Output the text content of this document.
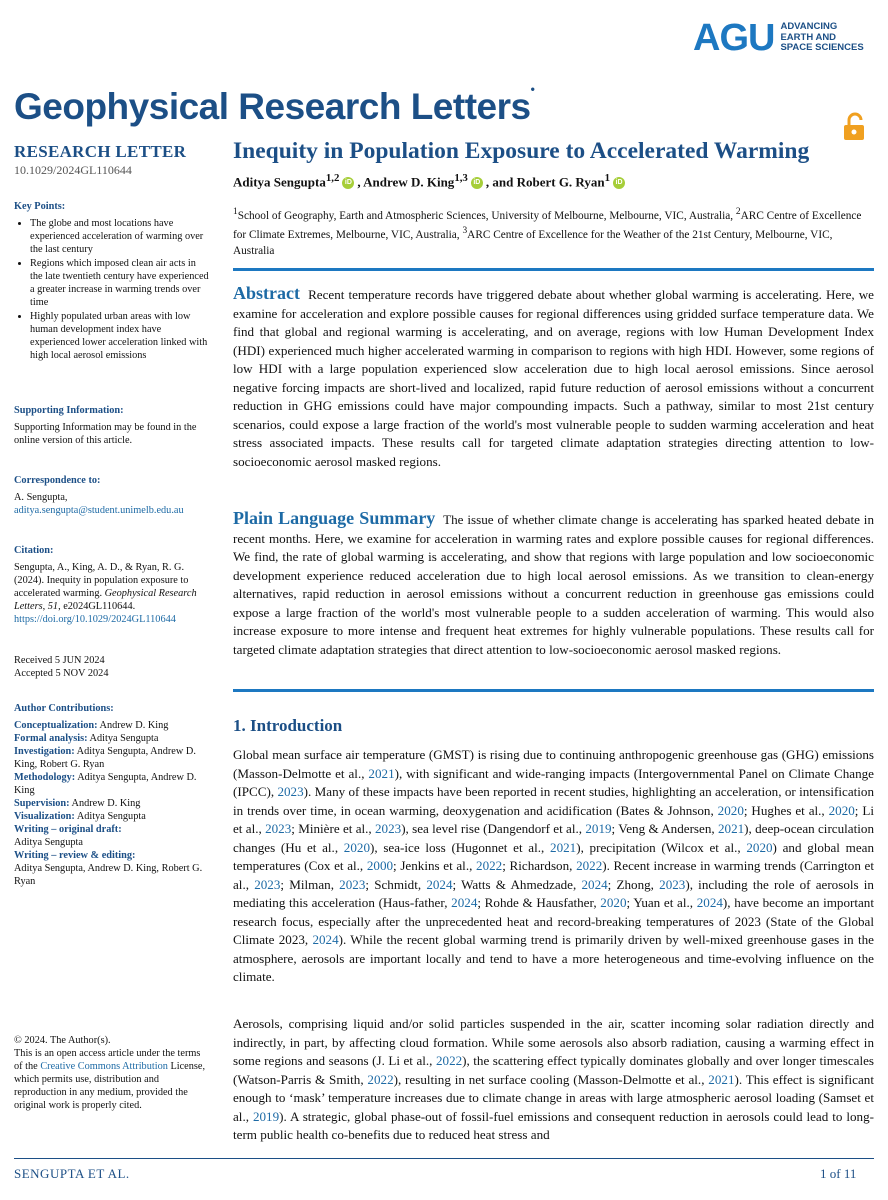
AGU ADVANCING
EARTH AND
SPACE SCIENCES
Geophysical Research Letters•
RESEARCH LETTER
10.1029/2024GL110644
Key Points:
• The globe and most locations have experienced acceleration of warming over the last century
• Regions which imposed clean air acts in the late twentieth century have experienced a greater increase in warming trends over time
• Highly populated urban areas with low human development index have experienced lower acceleration linked with high local aerosol emissions
Supporting Information:
Supporting Information may be found in the online version of this article.
Correspondence to:
A. Sengupta,
aditya.sengupta@student.unimelb.edu.au
Citation:
Sengupta, A., King, A. D., & Ryan, R. G. (2024). Inequity in population exposure to accelerated warming. Geophysical Research Letters, 51, e2024GL110644.
https://doi.org/10.1029/2024GL110644
Received 5 JUN 2024
Accepted 5 NOV 2024
Author Contributions:
Conceptualization: Andrew D. King
Formal analysis: Aditya Sengupta
Investigation: Aditya Sengupta, Andrew D. King, Robert G. Ryan
Methodology: Aditya Sengupta, Andrew D. King
Supervision: Andrew D. King
Visualization: Aditya Sengupta
Writing – original draft:
Aditya Sengupta
Writing – review & editing:
Aditya Sengupta, Andrew D. King, Robert G. Ryan
© 2024. The Author(s).
This is an open access article under the terms of the Creative Commons Attribution License, which permits use, distribution and reproduction in any medium, provided the original work is properly cited.
Inequity in Population Exposure to Accelerated Warming
Aditya Sengupta$^{1,2}$ iD , Andrew D. King$^{1,3}$ iD , and Robert G. Ryan$^1$ iD
$^1$School of Geography, Earth and Atmospheric Sciences, University of Melbourne, Melbourne, VIC, Australia, $^2$ARC Centre of Excellence for Climate Extremes, Melbourne, VIC, Australia, $^3$ARC Centre of Excellence for the Weather of the 21st Century, Melbourne, VIC, Australia
Abstract Recent temperature records have triggered debate about whether global warming is accelerating. Here, we examine for acceleration and explore possible causes for regional differences using gridded surface temperature data. We find that global and regional warming is accelerating, and on average, regions with low Human Development Index (HDI) experienced much higher accelerated warming in comparison to regions with high HDI. However, some regions of low HDI with a large population experienced slow acceleration due to high local aerosol emissions. Since aerosol negative forcing impacts are short-lived and localized, rapid future reduction of aerosol emissions without a concurrent reduction in GHG emissions could have major compounding impacts. Such a pathway, similar to most 21st century scenarios, could expose a large fraction of the world's most vulnerable people to sudden warming acceleration and heat stress associated impacts. These results call for targeted climate adaptation strategies directing attention to low-socioeconomic aerosol masked regions.
Plain Language Summary The issue of whether climate change is accelerating has sparked heated debate in recent months. Here, we examine for acceleration in warming rates and explore possible causes for regional differences. We find, the rate of global warming is accelerating, and show that regions with large population and low socioeconomic development experience reduced acceleration due to high local aerosol emissions. As we transition to clean-energy alternatives, rapid reduction in aerosol emissions without a concurrent reduction in greenhouse gas emissions could expose a large fraction of the world's most vulnerable people to a sudden acceleration of warming. This would also increase exposure to more intense and frequent heat extremes for highly vulnerable populations. These results call for targeted climate adaptation strategies that direct attention to low-socioeconomic aerosol masked regions.
1. Introduction
Global mean surface air temperature (GMST) is rising due to continuing anthropogenic greenhouse gas (GHG) emissions (Masson-Delmotte et al., 2021), with significant and wide-ranging impacts (Intergovernmental Panel on Climate Change (IPCC), 2023). Many of these impacts have been reported in recent studies, highlighting an acceleration, or intensification in trends over time, in ocean warming, deoxygenation and acidification (Bates & Johnson, 2020; Hughes et al., 2020; Li et al., 2023; Minière et al., 2023), sea level rise (Dangendorf et al., 2019; Veng & Andersen, 2021), deep-ocean circulation changes (Hu et al., 2020), sea-ice loss (Hugonnet et al., 2021), precipitation (Wilcox et al., 2020) and global mean temperatures (Cox et al., 2000; Jenkins et al., 2022; Richardson, 2022). Recent increase in warming trends (Carrington et al., 2023; Milman, 2023; Schmidt, 2024; Watts & Ahmedzade, 2024; Zhong, 2023), including the role of aerosols in mediating this acceleration (Haus-father, 2024; Rohde & Hausfather, 2020; Yuan et al., 2024), have become an important research focus, especially after the unprecedented heat and record-breaking temperatures of 2023 (State of the Global Climate 2023, 2024). While the recent global warming trend is primarily driven by well-mixed greenhouse gases in the atmosphere, aerosols are important locally and tend to have a more heterogeneous and time-evolving influence on the climate.
Aerosols, comprising liquid and/or solid particles suspended in the air, scatter incoming solar radiation directly and indirectly, in part, by affecting cloud formation. While some aerosols also absorb radiation, causing a warming effect in some regions and seasons (J. Li et al., 2022), the scattering effect typically dominates globally and over longer timescales (Watson-Parris & Smith, 2022), resulting in net surface cooling (Masson-Delmotte et al., 2021). This effect is significant enough to ‘mask’ temperature increases due to climate change in areas with large atmospheric aerosol loading (Samset et al., 2019). A strategic, global phase-out of fossil-fuel emissions and consequent reduction in aerosols could lead to long-term public health co-benefits due to reduced heat stress and
SENGUPTA ET AL.	1 of 11
